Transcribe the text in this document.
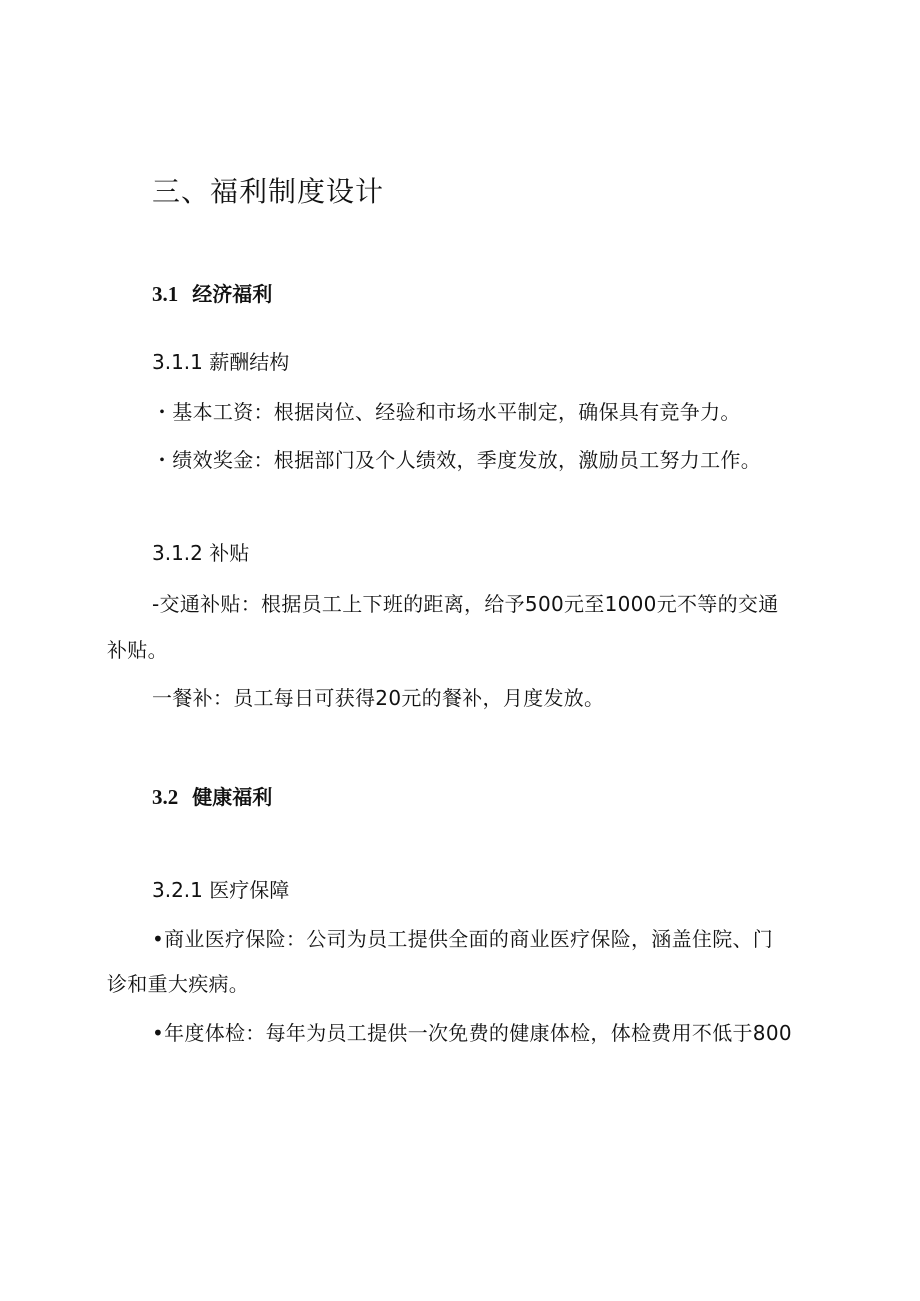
三、福利制度设计
3.1 经济福利
3.1.1 薪酬结构

・基本工资：根据岗位、经验和市场水平制定，确保具有竞争力。

・绩效奖金：根据部门及个人绩效，季度发放，激励员工努力工作。

3.1.2 补贴

-交通补贴：根据员工上下班的距离，给予500元至1000元不等的交通

补贴。

一餐补：员工每日可获得20元的餐补，月度发放。

3.2 健康福利
3.2.1 医疗保障

•商业医疗保险：公司为员工提供全面的商业医疗保险，涵盖住院、门

诊和重大疾病。

•年度体检：每年为员工提供一次免费的健康体检，体检费用不低于800
